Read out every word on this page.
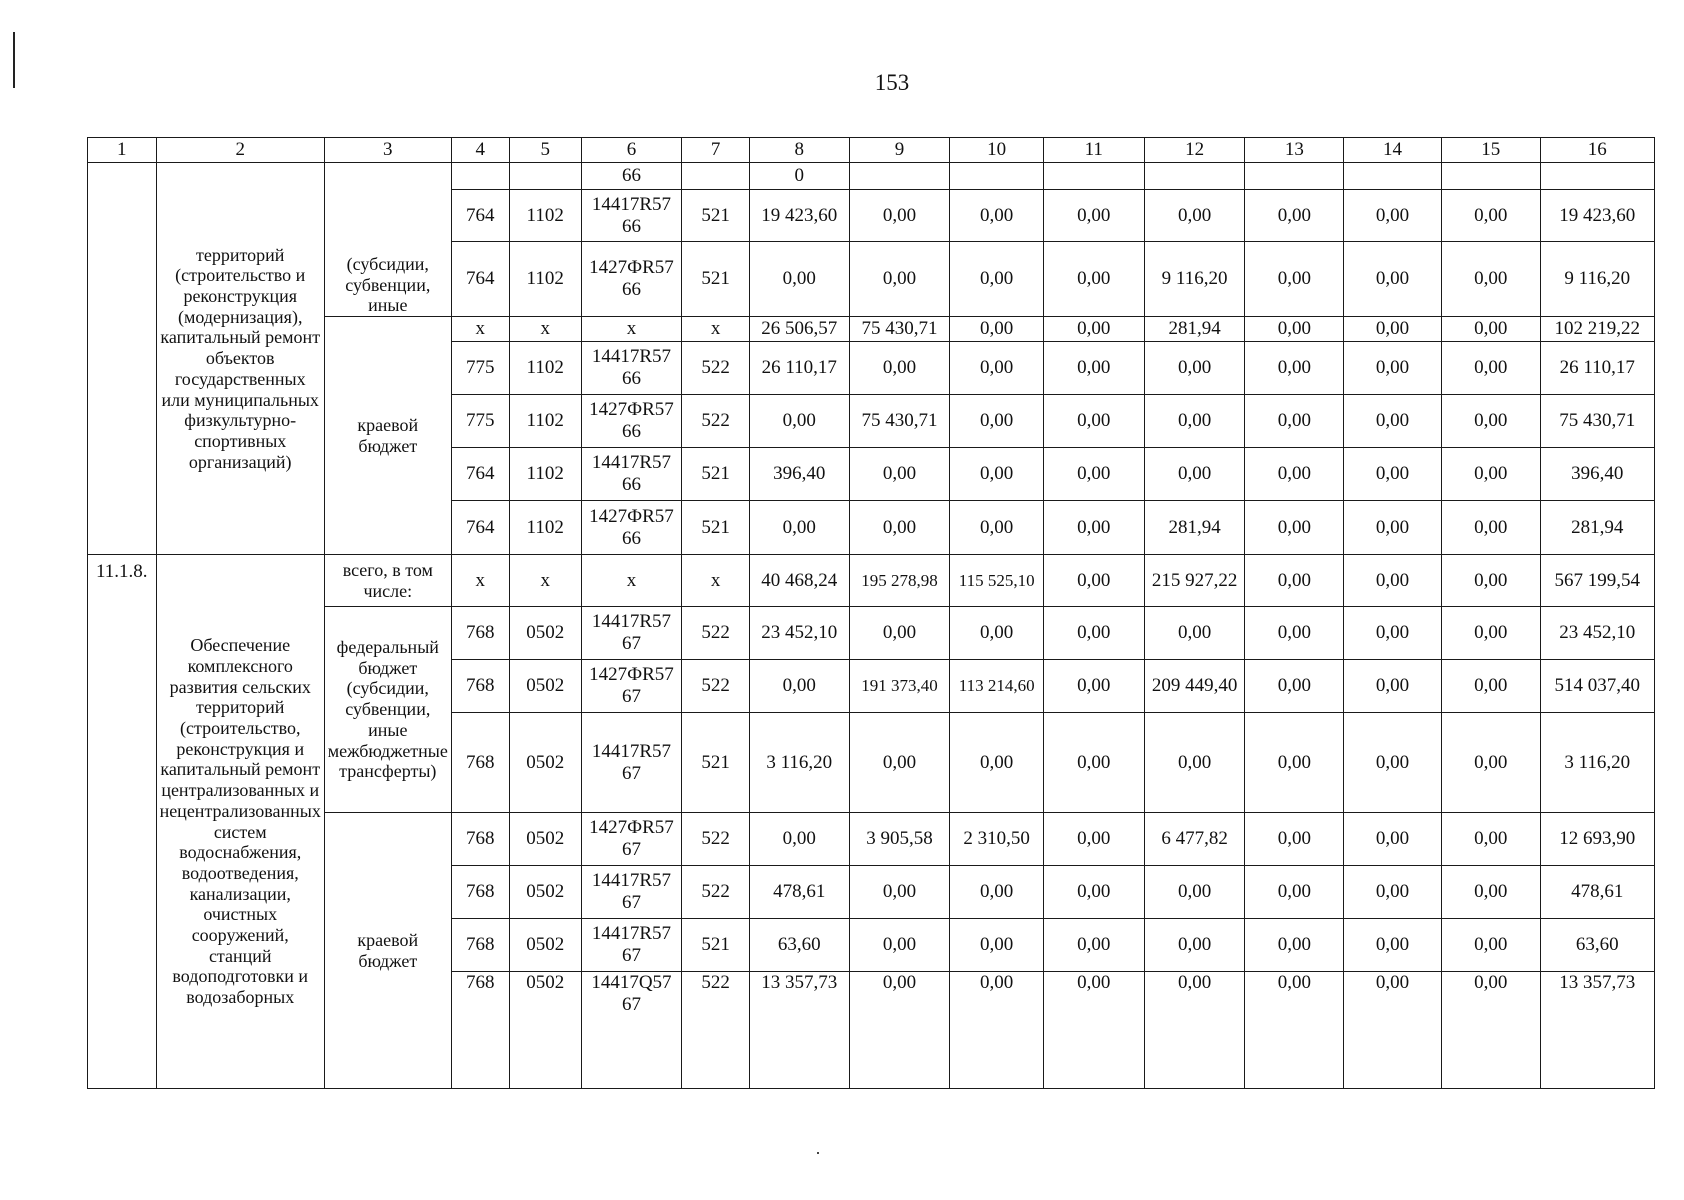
153
1	2	3	4	5	6	7	8	9	10	11	12	13	14	15	16
	территорий (строительство и реконструкция (модернизация), капитальный ремонт объектов государственных или муниципальных физкультурно-спортивных организаций)	(субсидии, субвенции, иные			66		0								
			764	1102	14417R57 66	521	19 423,60	0,00	0,00	0,00	0,00	0,00	0,00	0,00	19 423,60
			764	1102	1427ФR57 66	521	0,00	0,00	0,00	0,00	9 116,20	0,00	0,00	0,00	9 116,20
		краевой бюджет	x	x	x	x	26 506,57	75 430,71	0,00	0,00	281,94	0,00	0,00	0,00	102 219,22
			775	1102	14417R57 66	522	26 110,17	0,00	0,00	0,00	0,00	0,00	0,00	0,00	26 110,17
			775	1102	1427ФR57 66	522	0,00	75 430,71	0,00	0,00	0,00	0,00	0,00	0,00	75 430,71
			764	1102	14417R57 66	521	396,40	0,00	0,00	0,00	0,00	0,00	0,00	0,00	396,40
			764	1102	1427ФR57 66	521	0,00	0,00	0,00	0,00	281,94	0,00	0,00	0,00	281,94
11.1.8.	Обеспечение комплексного развития сельских территорий (строительство, реконструкция и капитальный ремонт централизованных и нецентрализованных систем водоснабжения, водоотведения, канализации, очистных сооружений, станций водоподготовки и водозаборных	всего, в том числе:	x	x	x	x	40 468,24	195 278,98	115 525,10	0,00	215 927,22	0,00	0,00	0,00	567 199,54
		федеральный бюджет (субсидии, субвенции, иные межбюджетные трансферты)	768	0502	14417R57 67	522	23 452,10	0,00	0,00	0,00	0,00	0,00	0,00	0,00	23 452,10
			768	0502	1427ФR57 67	522	0,00	191 373,40	113 214,60	0,00	209 449,40	0,00	0,00	0,00	514 037,40
			768	0502	14417R57 67	521	3 116,20	0,00	0,00	0,00	0,00	0,00	0,00	0,00	3 116,20
		краевой бюджет	768	0502	1427ФR57 67	522	0,00	3 905,58	2 310,50	0,00	6 477,82	0,00	0,00	0,00	12 693,90
			768	0502	14417R57 67	522	478,61	0,00	0,00	0,00	0,00	0,00	0,00	0,00	478,61
			768	0502	14417R57 67	521	63,60	0,00	0,00	0,00	0,00	0,00	0,00	0,00	63,60
			768	0502	14417Q57 67	522	13 357,73	0,00	0,00	0,00	0,00	0,00	0,00	0,00	13 357,73
